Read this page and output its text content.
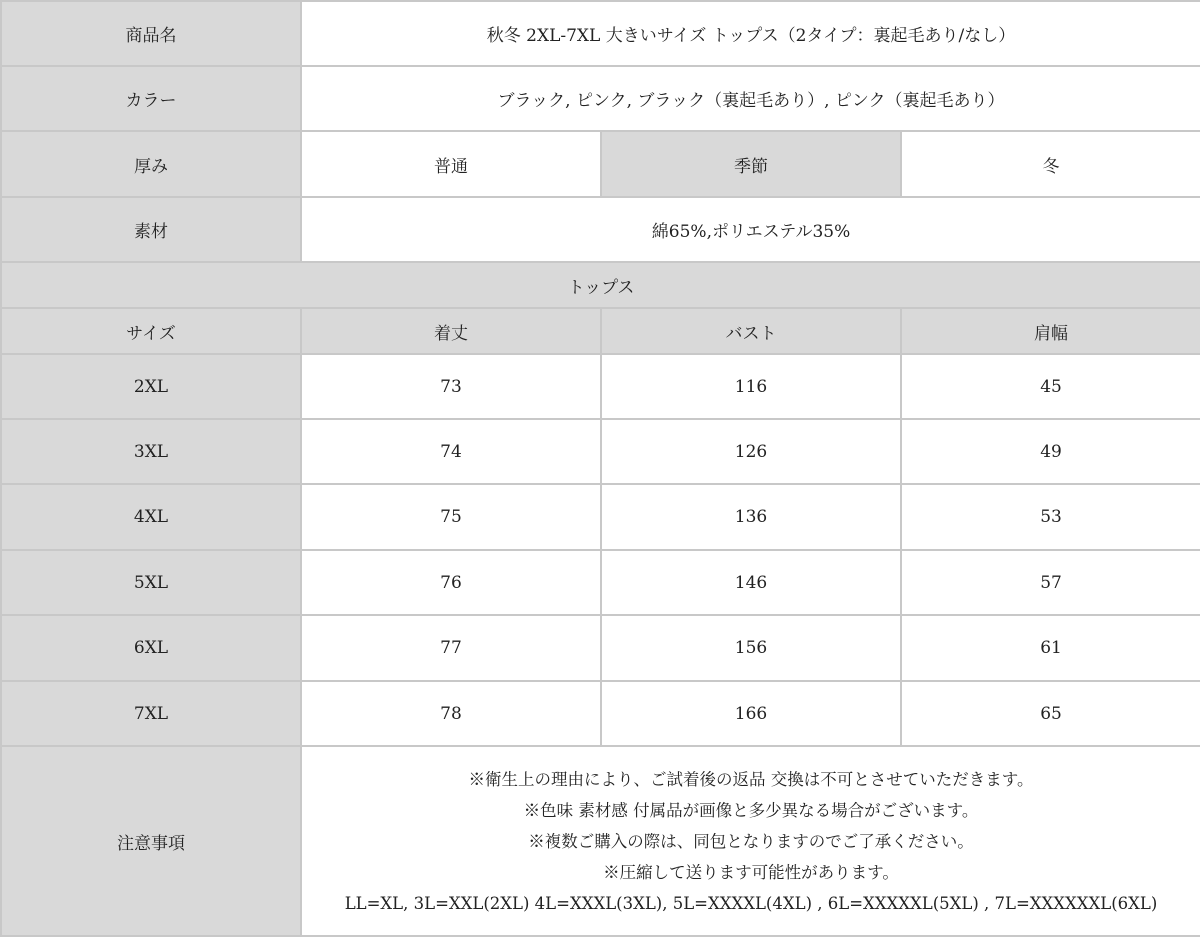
商品名	秋冬 2XL-7XL 大きいサイズ トップス（2タイプ：裏起毛あり/なし）		
カラー	ブラック, ピンク, ブラック（裏起毛あり）, ピンク（裏起毛あり）		
厚み	普通	季節	冬
素材	綿65%,ポリエステル35%		
トップス			
サイズ	着丈	バスト	肩幅
2XL	73	116	45
3XL	74	126	49
4XL	75	136	53
5XL	76	146	57
6XL	77	156	61
7XL	78	166	65
注意事項	※衛生上の理由により、ご試着後の返品 交換は不可とさせていただきます。
※色味 素材感 付属品が画像と多少異なる場合がございます。
※複数ご購入の際は、同包となりますのでご了承ください。
※圧縮して送ります可能性があります。
LL=XL, 3L=XXL(2XL) 4L=XXXL(3XL), 5L=XXXXL(4XL) , 6L=XXXXXL(5XL) , 7L=XXXXXXL(6XL)		
